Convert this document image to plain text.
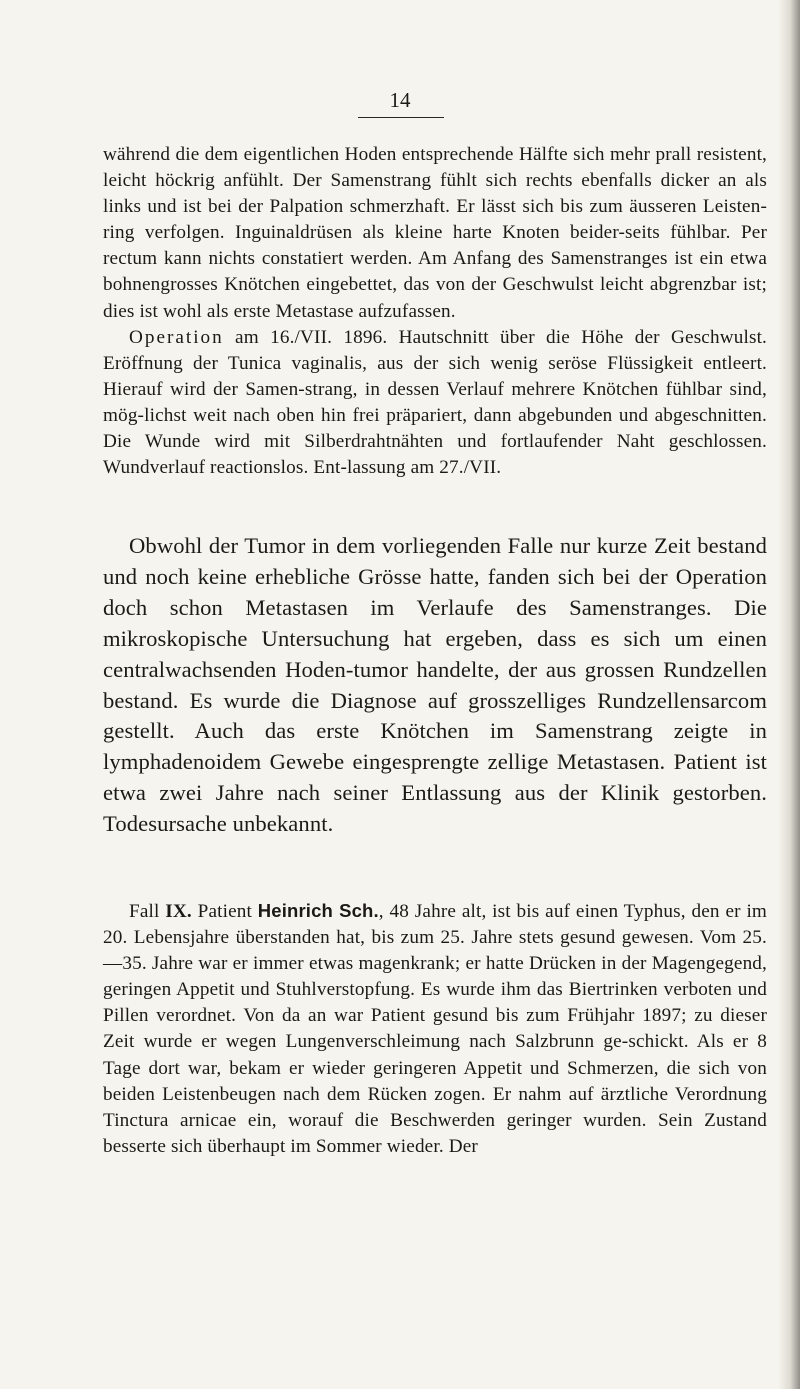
14

während die dem eigentlichen Hoden entsprechende Hälfte sich mehr prall resistent, leicht höckrig anfühlt. Der Samenstrang fühlt sich rechts ebenfalls dicker an als links und ist bei der Palpation schmerzhaft. Er lässt sich bis zum äusseren Leisten-ring verfolgen. Inguinaldrüsen als kleine harte Knoten beider-seits fühlbar. Per rectum kann nichts constatiert werden. Am Anfang des Samenstranges ist ein etwa bohnengrosses Knötchen eingebettet, das von der Geschwulst leicht abgrenzbar ist; dies ist wohl als erste Metastase aufzufassen.

Operation am 16./VII. 1896. Hautschnitt über die Höhe der Geschwulst. Eröffnung der Tunica vaginalis, aus der sich wenig seröse Flüssigkeit entleert. Hierauf wird der Samen-strang, in dessen Verlauf mehrere Knötchen fühlbar sind, mög-lichst weit nach oben hin frei präpariert, dann abgebunden und abgeschnitten. Die Wunde wird mit Silberdrahtnähten und fortlaufender Naht geschlossen. Wundverlauf reactionslos. Ent-lassung am 27./VII.

Obwohl der Tumor in dem vorliegenden Falle nur kurze Zeit bestand und noch keine erhebliche Grösse hatte, fanden sich bei der Operation doch schon Metastasen im Verlaufe des Samenstranges. Die mikroskopische Untersuchung hat ergeben, dass es sich um einen centralwachsenden Hoden-tumor handelte, der aus grossen Rundzellen bestand. Es wurde die Diagnose auf grosszelliges Rundzellensarcom gestellt. Auch das erste Knötchen im Samenstrang zeigte in lymphadenoidem Gewebe eingesprengte zellige Metastasen. Patient ist etwa zwei Jahre nach seiner Entlassung aus der Klinik gestorben. Todesursache unbekannt.

Fall IX. Patient Heinrich Sch., 48 Jahre alt, ist bis auf einen Typhus, den er im 20. Lebensjahre überstanden hat, bis zum 25. Jahre stets gesund gewesen. Vom 25.—35. Jahre war er immer etwas magenkrank; er hatte Drücken in der Magengegend, geringen Appetit und Stuhlverstopfung. Es wurde ihm das Biertrinken verboten und Pillen verordnet. Von da an war Patient gesund bis zum Frühjahr 1897; zu dieser Zeit wurde er wegen Lungenverschleimung nach Salzbrunn ge-schickt. Als er 8 Tage dort war, bekam er wieder geringeren Appetit und Schmerzen, die sich von beiden Leistenbeugen nach dem Rücken zogen. Er nahm auf ärztliche Verordnung Tinctura arnicae ein, worauf die Beschwerden geringer wurden. Sein Zustand besserte sich überhaupt im Sommer wieder. Der
